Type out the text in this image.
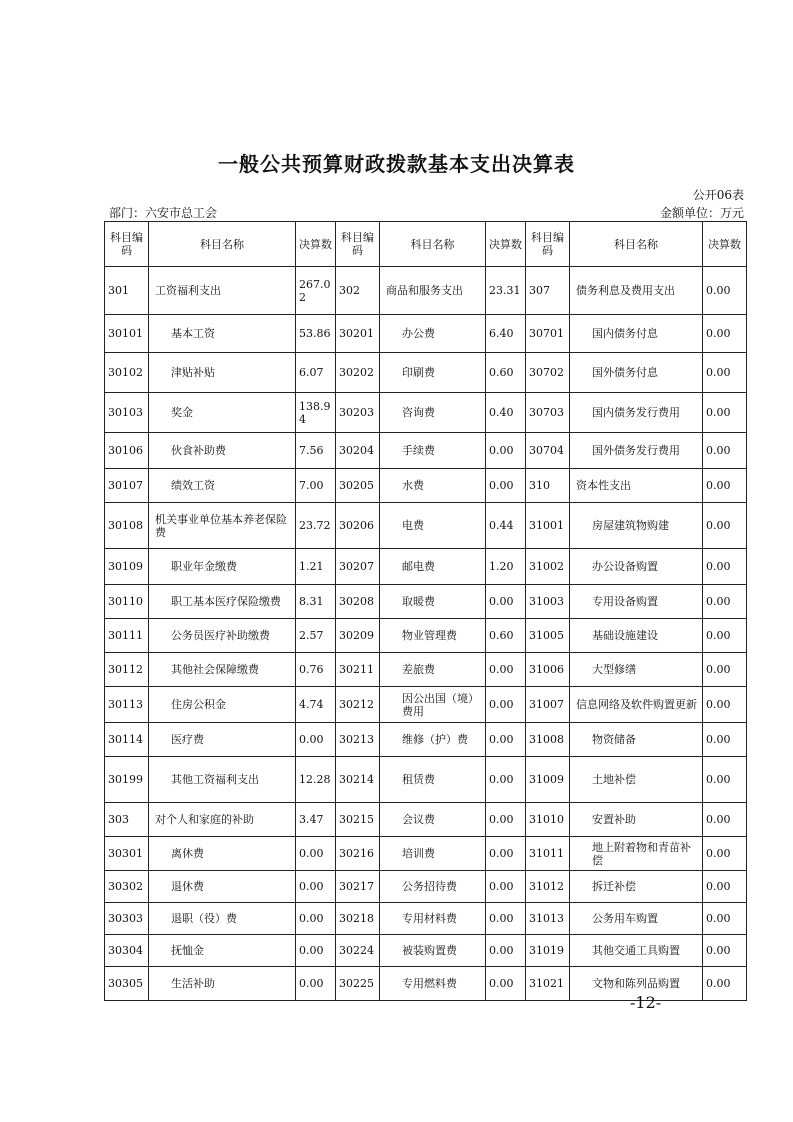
一般公共预算财政拨款基本支出决算表
公开06表
部门：六安市总工会	金额单位：万元
科目编码	科目名称	决算数	科目编码	科目名称	决算数	科目编码	科目名称	决算数
301	工资福利支出	267.02	302	商品和服务支出	23.31	307	债务利息及费用支出	0.00
30101	基本工资	53.86	30201	办公费	6.40	30701	国内债务付息	0.00
30102	津贴补贴	6.07	30202	印刷费	0.60	30702	国外债务付息	0.00
30103	奖金	138.94	30203	咨询费	0.40	30703	国内债务发行费用	0.00
30106	伙食补助费	7.56	30204	手续费	0.00	30704	国外债务发行费用	0.00
30107	绩效工资	7.00	30205	水费	0.00	310	资本性支出	0.00
30108	机关事业单位基本养老保险费	23.72	30206	电费	0.44	31001	房屋建筑物购建	0.00
30109	职业年金缴费	1.21	30207	邮电费	1.20	31002	办公设备购置	0.00
30110	职工基本医疗保险缴费	8.31	30208	取暖费	0.00	31003	专用设备购置	0.00
30111	公务员医疗补助缴费	2.57	30209	物业管理费	0.60	31005	基础设施建设	0.00
30112	其他社会保障缴费	0.76	30211	差旅费	0.00	31006	大型修缮	0.00
30113	住房公积金	4.74	30212	因公出国（境）费用	0.00	31007	信息网络及软件购置更新	0.00
30114	医疗费	0.00	30213	维修（护）费	0.00	31008	物资储备	0.00
30199	其他工资福利支出	12.28	30214	租赁费	0.00	31009	土地补偿	0.00
303	对个人和家庭的补助	3.47	30215	会议费	0.00	31010	安置补助	0.00
30301	离休费	0.00	30216	培训费	0.00	31011	地上附着物和青苗补偿	0.00
30302	退休费	0.00	30217	公务招待费	0.00	31012	拆迁补偿	0.00
30303	退职（役）费	0.00	30218	专用材料费	0.00	31013	公务用车购置	0.00
30304	抚恤金	0.00	30224	被装购置费	0.00	31019	其他交通工具购置	0.00
30305	生活补助	0.00	30225	专用燃料费	0.00	31021	文物和陈列品购置	0.00
-12-
